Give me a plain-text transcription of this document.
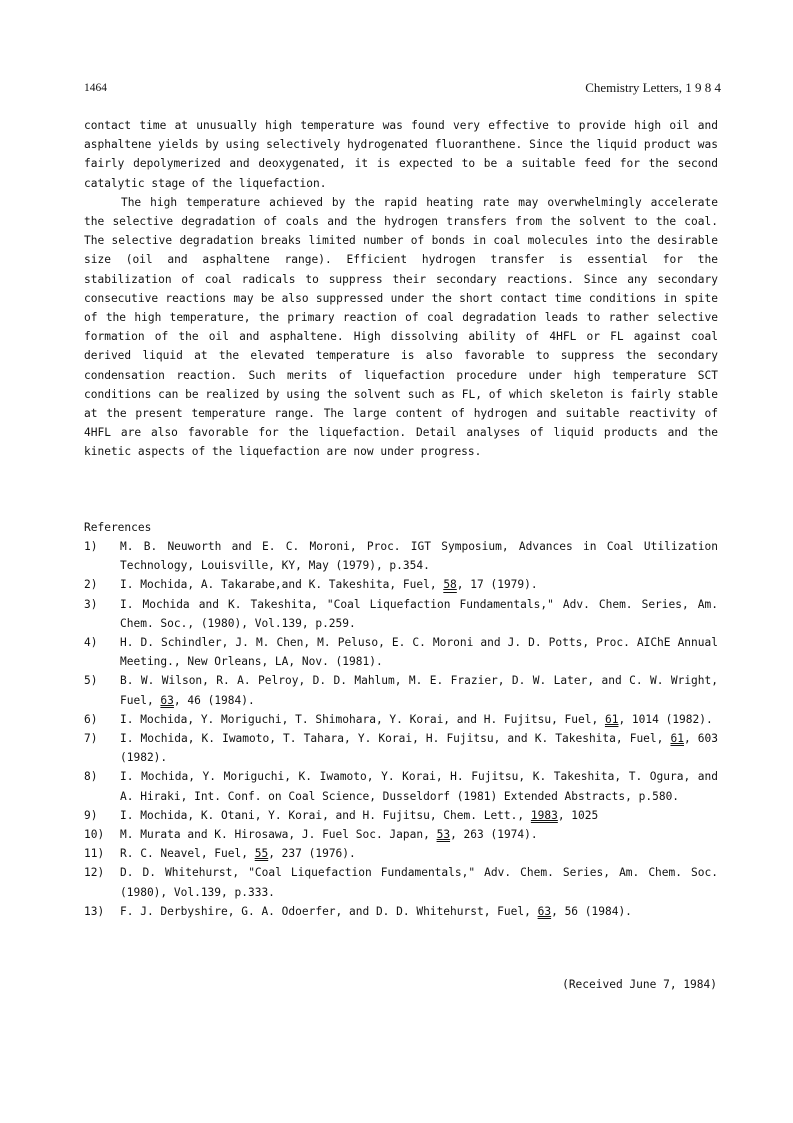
1464	Chemistry Letters, 1 9 8 4

contact time at unusually high temperature was found very effective to provide high oil and asphaltene yields by using selectively hydrogenated fluoranthene. Since the liquid product was fairly depolymerized and deoxygenated, it is expected to be a suitable feed for the second catalytic stage of the liquefaction.

The high temperature achieved by the rapid heating rate may overwhelmingly accelerate the selective degradation of coals and the hydrogen transfers from the solvent to the coal. The selective degradation breaks limited number of bonds in coal molecules into the desirable size (oil and asphaltene range). Efficient hydrogen transfer is essential for the stabilization of coal radicals to suppress their secondary reactions. Since any secondary consecutive reactions may be also suppressed under the short contact time conditions in spite of the high temperature, the primary reaction of coal degradation leads to rather selective formation of the oil and asphaltene. High dissolving ability of 4HFL or FL against coal derived liquid at the elevated temperature is also favorable to suppress the secondary condensation reaction. Such merits of liquefaction procedure under high temperature SCT conditions can be realized by using the solvent such as FL, of which skeleton is fairly stable at the present temperature range. The large content of hydrogen and suitable reactivity of 4HFL are also favorable for the liquefaction. Detail analyses of liquid products and the kinetic aspects of the liquefaction are now under progress.

References
1)	M. B. Neuworth and E. C. Moroni, Proc. IGT Symposium, Advances in Coal Utilization Technology, Louisville, KY, May (1979), p.354.
2)	I. Mochida, A. Takarabe,and K. Takeshita, Fuel, 58, 17 (1979).
3)	I. Mochida and K. Takeshita, "Coal Liquefaction Fundamentals," Adv. Chem. Series, Am. Chem. Soc., (1980), Vol.139, p.259.
4)	H. D. Schindler, J. M. Chen, M. Peluso, E. C. Moroni and J. D. Potts, Proc. AIChE Annual Meeting., New Orleans, LA, Nov. (1981).
5)	B. W. Wilson, R. A. Pelroy, D. D. Mahlum, M. E. Frazier, D. W. Later, and C. W. Wright, Fuel, 63, 46 (1984).
6)	I. Mochida, Y. Moriguchi, T. Shimohara, Y. Korai, and H. Fujitsu, Fuel, 61, 1014 (1982).
7)	I. Mochida, K. Iwamoto, T. Tahara, Y. Korai, H. Fujitsu, and K. Takeshita, Fuel, 61, 603 (1982).
8)	I. Mochida, Y. Moriguchi, K. Iwamoto, Y. Korai, H. Fujitsu, K. Takeshita, T. Ogura, and A. Hiraki, Int. Conf. on Coal Science, Dusseldorf (1981) Extended Abstracts, p.580.
9)	I. Mochida, K. Otani, Y. Korai, and H. Fujitsu, Chem. Lett., 1983, 1025
10)	M. Murata and K. Hirosawa, J. Fuel Soc. Japan, 53, 263 (1974).
11)	R. C. Neavel, Fuel, 55, 237 (1976).
12)	D. D. Whitehurst, "Coal Liquefaction Fundamentals," Adv. Chem. Series, Am. Chem. Soc. (1980), Vol.139, p.333.
13)	F. J. Derbyshire, G. A. Odoerfer, and D. D. Whitehurst, Fuel, 63, 56 (1984).
(Received June 7, 1984)
